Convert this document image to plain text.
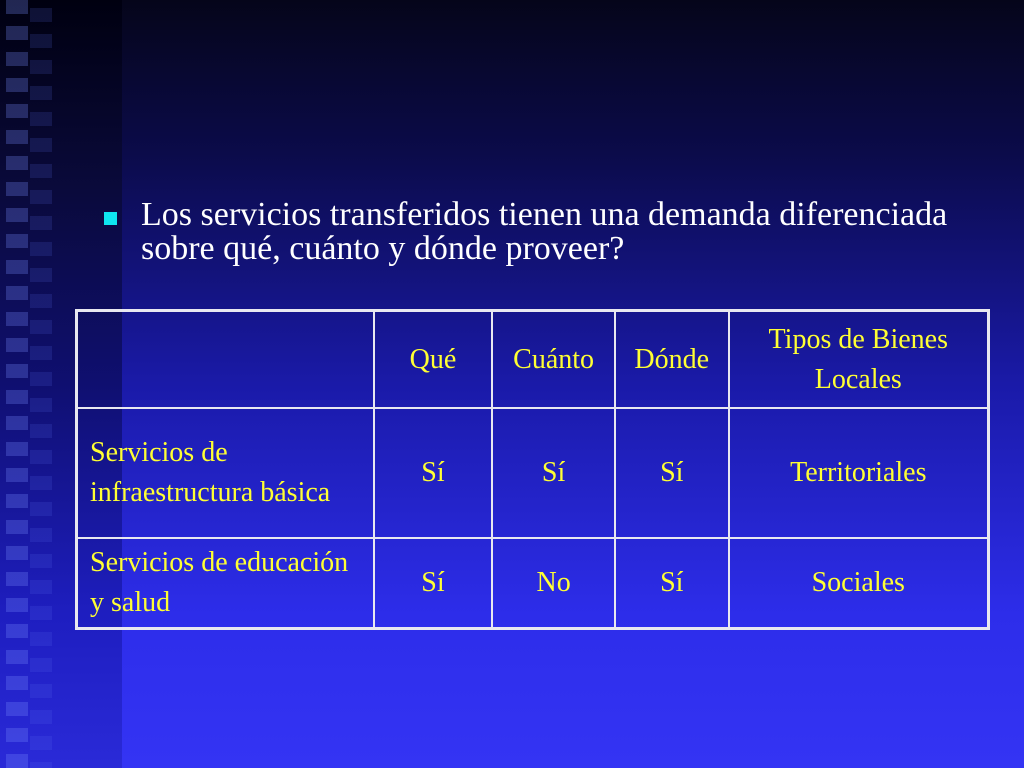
Los servicios transferidos tienen una demanda diferenciada sobre qué, cuánto y dónde proveer?
	Qué	Cuánto	Dónde	Tipos de Bienes Locales
Servicios de infraestructura básica	Sí	Sí	Sí	Territoriales
Servicios de educación y salud	Sí	No	Sí	Sociales
